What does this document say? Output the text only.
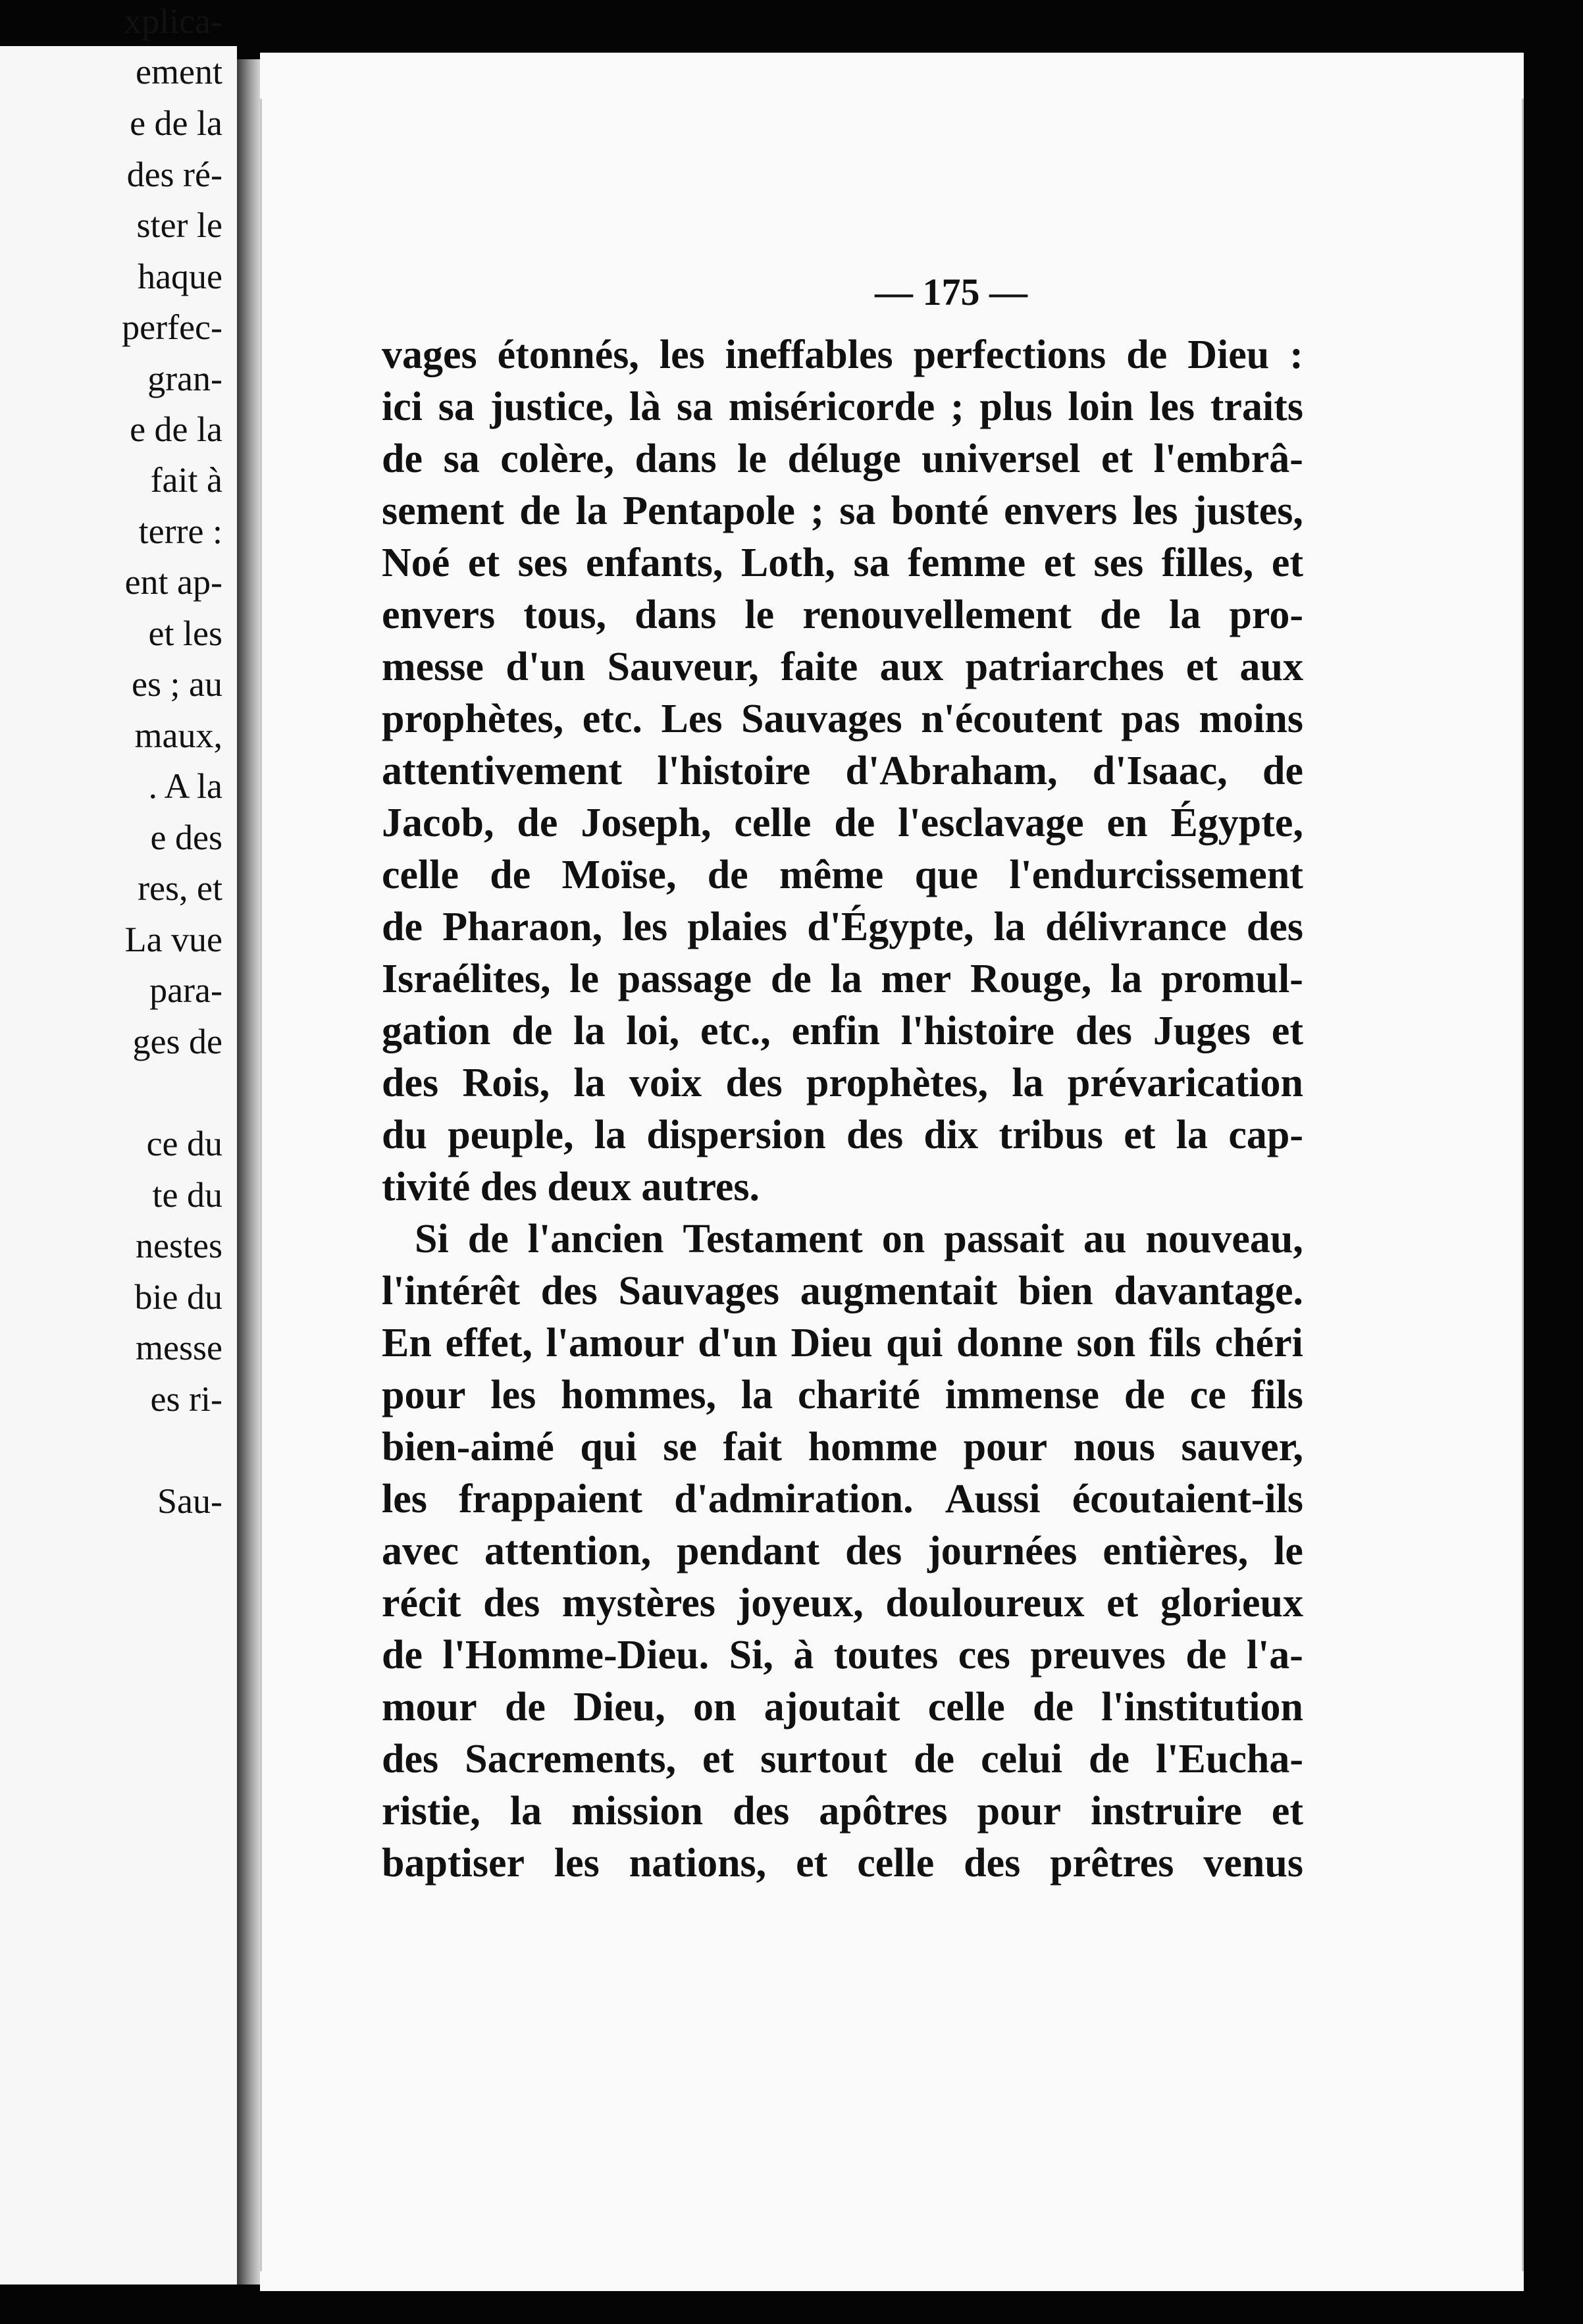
xplica-
ement
e de la
des ré-
ster le
haque
perfec-
gran-
e de la
fait à
terre :
ent ap-
et les
es ; au
maux,
. A la
e des
res, et
La vue
para-
ges de
ce du
te du
nestes
bie du
messe
es ri-
Sau-
— 175 —
vages étonnés, les ineffables perfections de Dieu :
ici sa justice, là sa miséricorde ; plus loin les traits
de sa colère, dans le déluge universel et l'embrâ-
sement de la Pentapole ; sa bonté envers les justes,
Noé et ses enfants, Loth, sa femme et ses filles, et
envers tous, dans le renouvellement de la pro-
messe d'un Sauveur, faite aux patriarches et aux
prophètes, etc. Les Sauvages n'écoutent pas moins
attentivement l'histoire d'Abraham, d'Isaac, de
Jacob, de Joseph, celle de l'esclavage en Égypte,
celle de Moïse, de même que l'endurcissement
de Pharaon, les plaies d'Égypte, la délivrance des
Israélites, le passage de la mer Rouge, la promul-
gation de la loi, etc., enfin l'histoire des Juges et
des Rois, la voix des prophètes, la prévarication
du peuple, la dispersion des dix tribus et la cap-
tivité des deux autres.
Si de l'ancien Testament on passait au nouveau,
l'intérêt des Sauvages augmentait bien davantage.
En effet, l'amour d'un Dieu qui donne son fils chéri
pour les hommes, la charité immense de ce fils
bien-aimé qui se fait homme pour nous sauver,
les frappaient d'admiration. Aussi écoutaient-ils
avec attention, pendant des journées entières, le
récit des mystères joyeux, douloureux et glorieux
de l'Homme-Dieu. Si, à toutes ces preuves de l'a-
mour de Dieu, on ajoutait celle de l'institution
des Sacrements, et surtout de celui de l'Eucha-
ristie, la mission des apôtres pour instruire et
baptiser les nations, et celle des prêtres venus
